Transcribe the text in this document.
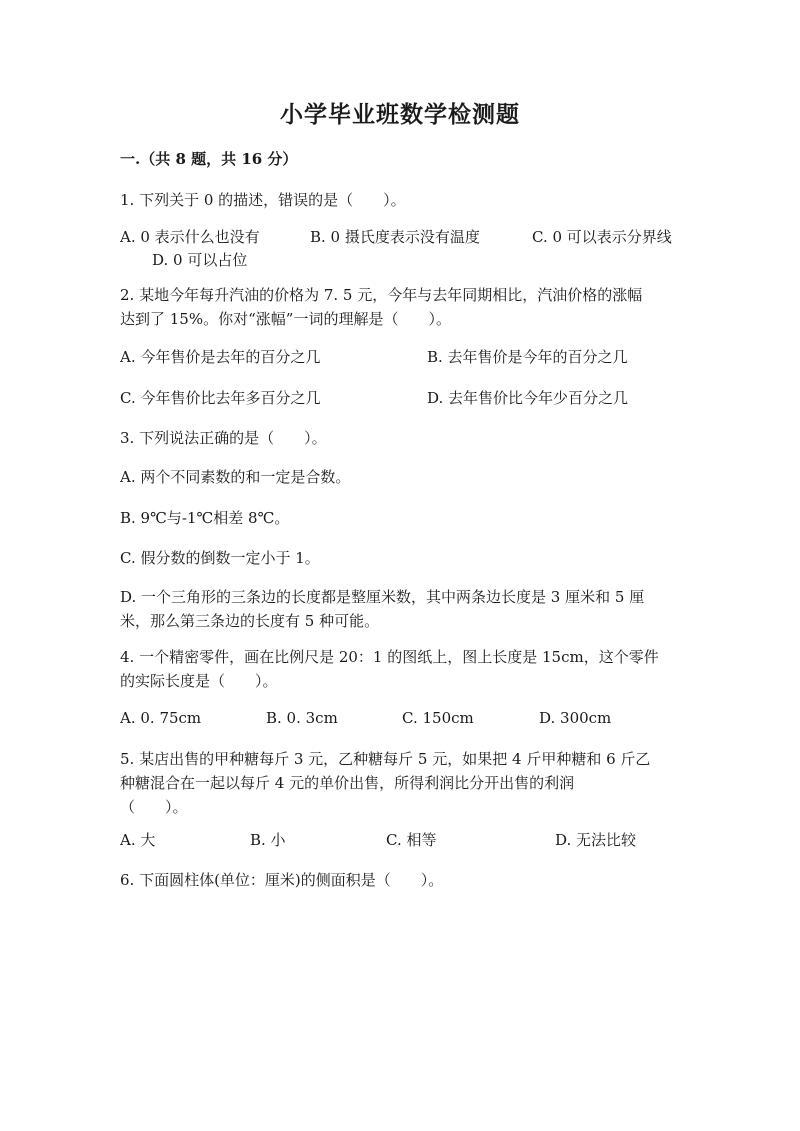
小学毕业班数学检测题
一.（共 8 题，共 16 分）
1. 下列关于 0 的描述，错误的是（　　）。
A. 0 表示什么也没有	B. 0 摄氏度表示没有温度	C. 0 可以表示分界线
D. 0 可以占位
2. 某地今年每升汽油的价格为 7. 5 元，今年与去年同期相比，汽油价格的涨幅
达到了 15%。你对“涨幅”一词的理解是（　　）。
A. 今年售价是去年的百分之几	B. 去年售价是今年的百分之几
C. 今年售价比去年多百分之几	D. 去年售价比今年少百分之几
3. 下列说法正确的是（　　）。
A. 两个不同素数的和一定是合数。
B. 9℃与-1℃相差 8℃。
C. 假分数的倒数一定小于 1。
D. 一个三角形的三条边的长度都是整厘米数，其中两条边长度是 3 厘米和 5 厘
米，那么第三条边的长度有 5 种可能。
4. 一个精密零件，画在比例尺是 20：1 的图纸上，图上长度是 15cm，这个零件
的实际长度是（　　）。
A. 0. 75cm	B. 0. 3cm	C. 150cm	D. 300cm
5. 某店出售的甲种糖每斤 3 元，乙种糖每斤 5 元，如果把 4 斤甲种糖和 6 斤乙
种糖混合在一起以每斤 4 元的单价出售，所得利润比分开出售的利润
（　　）。
A. 大	B. 小	C. 相等	D. 无法比较
6. 下面圆柱体(单位：厘米)的侧面积是（　　）。
